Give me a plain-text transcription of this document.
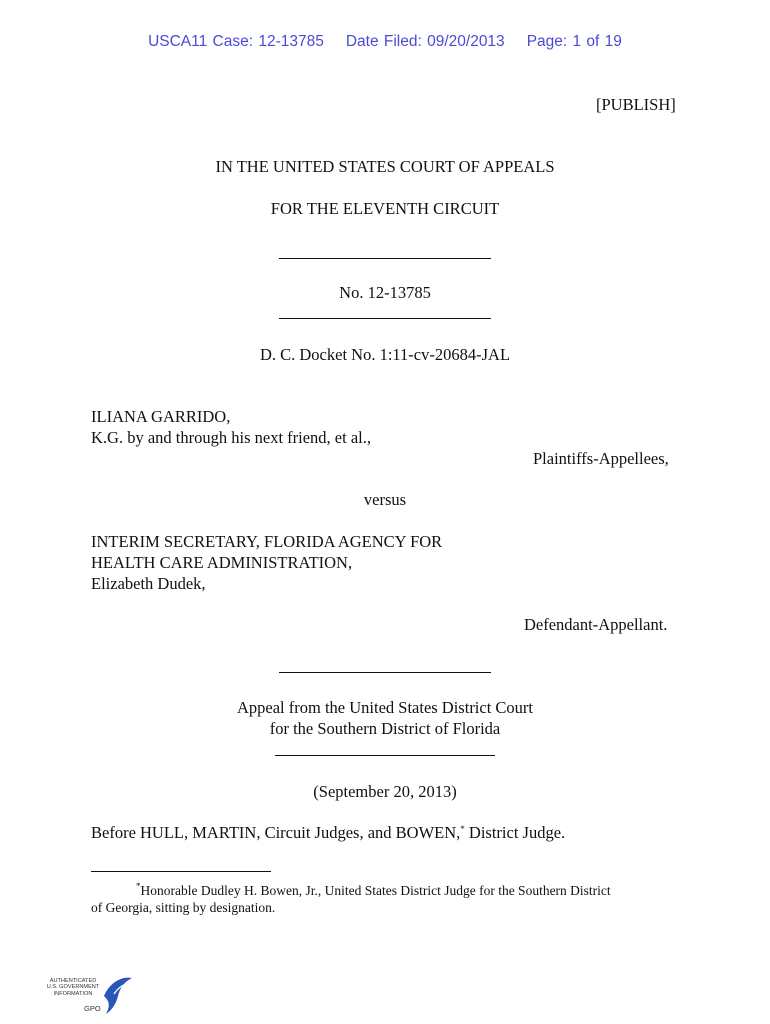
USCA11 Case: 12-13785 Date Filed: 09/20/2013 Page: 1 of 19
[PUBLISH]
IN THE UNITED STATES COURT OF APPEALS
FOR THE ELEVENTH CIRCUIT
No. 12-13785
D. C. Docket No. 1:11-cv-20684-JAL
ILIANA GARRIDO,
K.G. by and through his next friend, et al.,
Plaintiffs-Appellees,
versus
INTERIM SECRETARY, FLORIDA AGENCY FOR
HEALTH CARE ADMINISTRATION,
Elizabeth Dudek,
Defendant-Appellant.
Appeal from the United States District Court
for the Southern District of Florida
(September 20, 2013)
Before HULL, MARTIN, Circuit Judges, and BOWEN,* District Judge.
*Honorable Dudley H. Bowen, Jr., United States District Judge for the Southern District
of Georgia, sitting by designation.
AUTHENTICATED
U.S. GOVERNMENT
INFORMATION
GPO
